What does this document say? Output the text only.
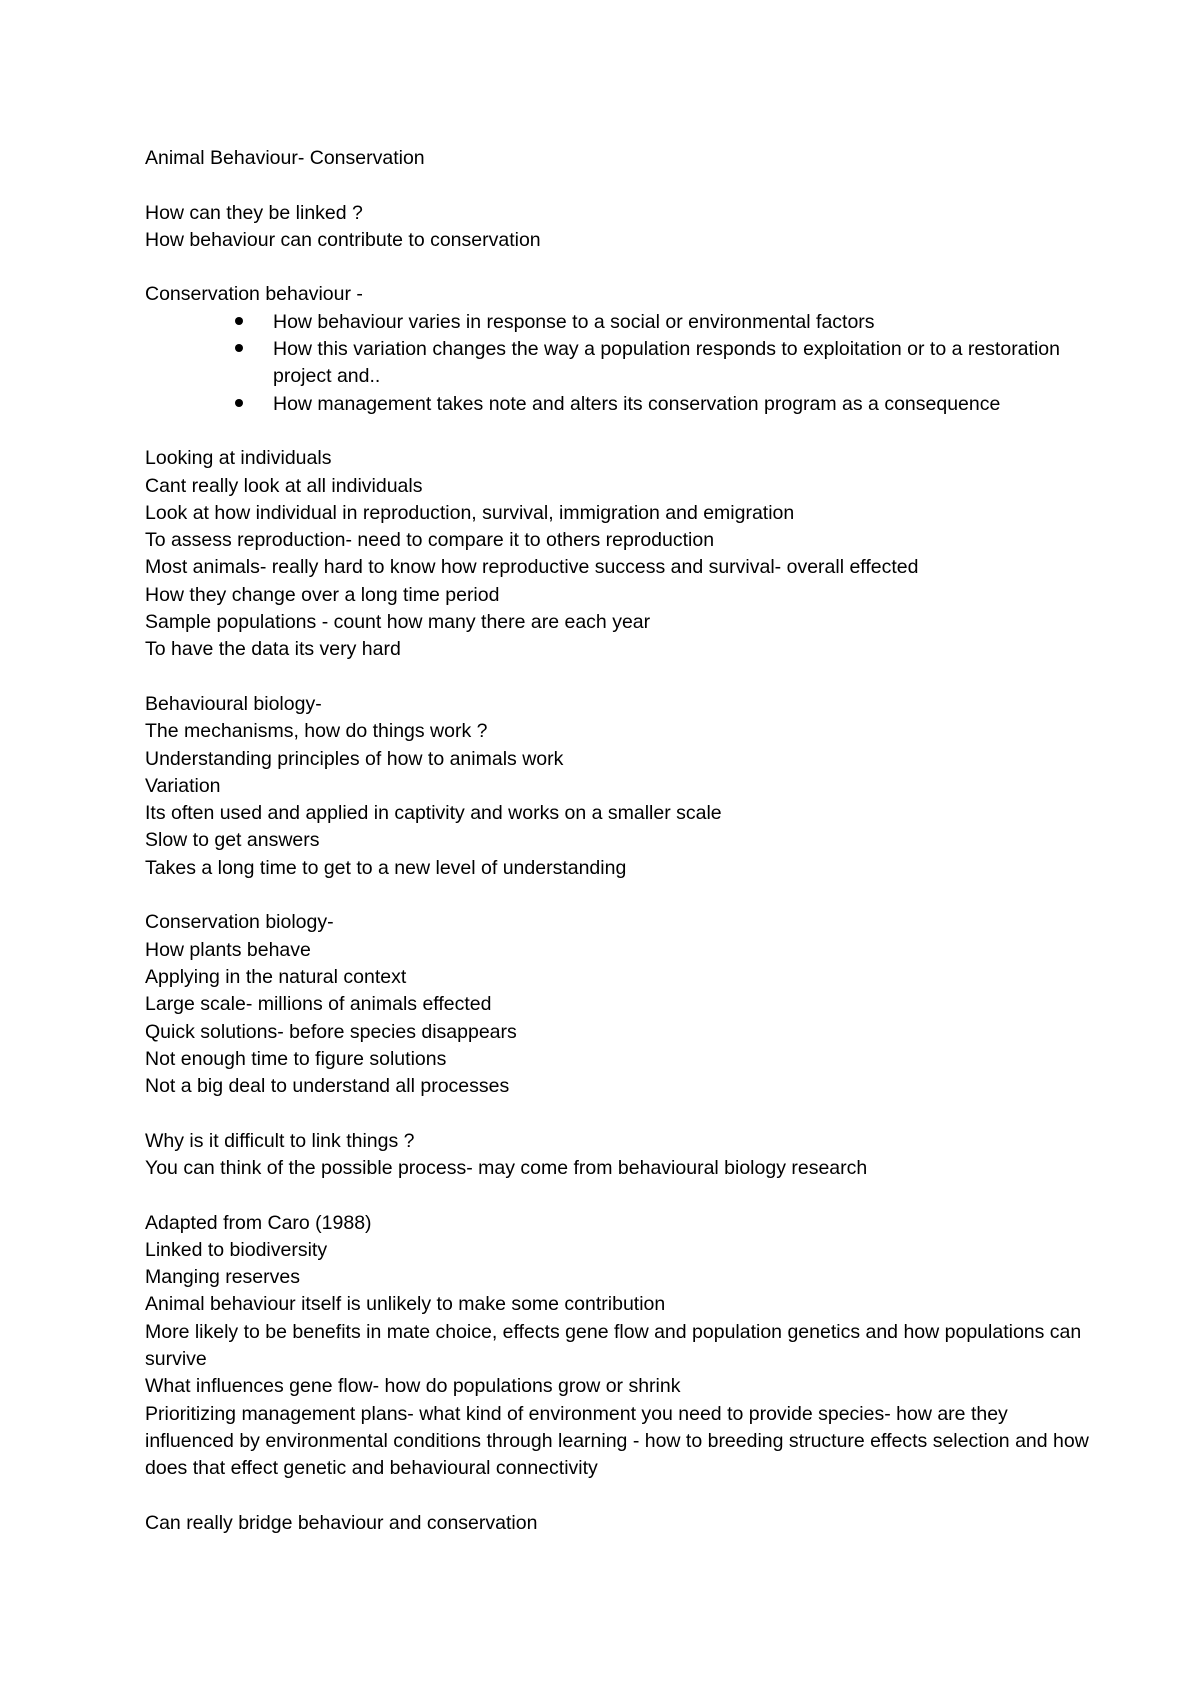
Animal Behaviour- Conservation

How can they be linked ?

How behaviour can contribute to conservation

Conservation behaviour -

How behaviour varies in response to a social or environmental factors
How this variation changes the way a population responds to exploitation or to a restoration project and..
How management takes note and alters its conservation program as a consequence

Looking at individuals

Cant really look at all individuals

Look at how individual in reproduction, survival, immigration and emigration

To assess reproduction- need to compare it to others reproduction

Most animals- really hard to know how reproductive success and survival- overall effected

How they change over a long time period

Sample populations - count how many there are each year

To have the data its very hard

Behavioural biology-

The mechanisms, how do things work ?

Understanding principles of how to animals work

Variation

Its often used and applied in captivity and works on a smaller scale

Slow to get answers

Takes a long time to get to a new level of understanding

Conservation biology-

How plants behave

Applying in the natural context

Large scale- millions of animals effected

Quick solutions- before species disappears

Not enough time to figure solutions

Not a big deal to understand all processes

Why is it difficult to link things ?

You can think of the possible process- may come from behavioural biology research

Adapted from Caro (1988)

Linked to biodiversity

Manging reserves

Animal behaviour itself is unlikely to make some contribution

More likely to be benefits in mate choice, effects gene flow and population genetics and how populations can survive

What influences gene flow- how do populations grow or shrink

Prioritizing management plans- what kind of environment you need to provide species- how are they influenced by environmental conditions through learning - how to breeding structure effects selection and how does that effect genetic and behavioural connectivity

Can really bridge behaviour and conservation
